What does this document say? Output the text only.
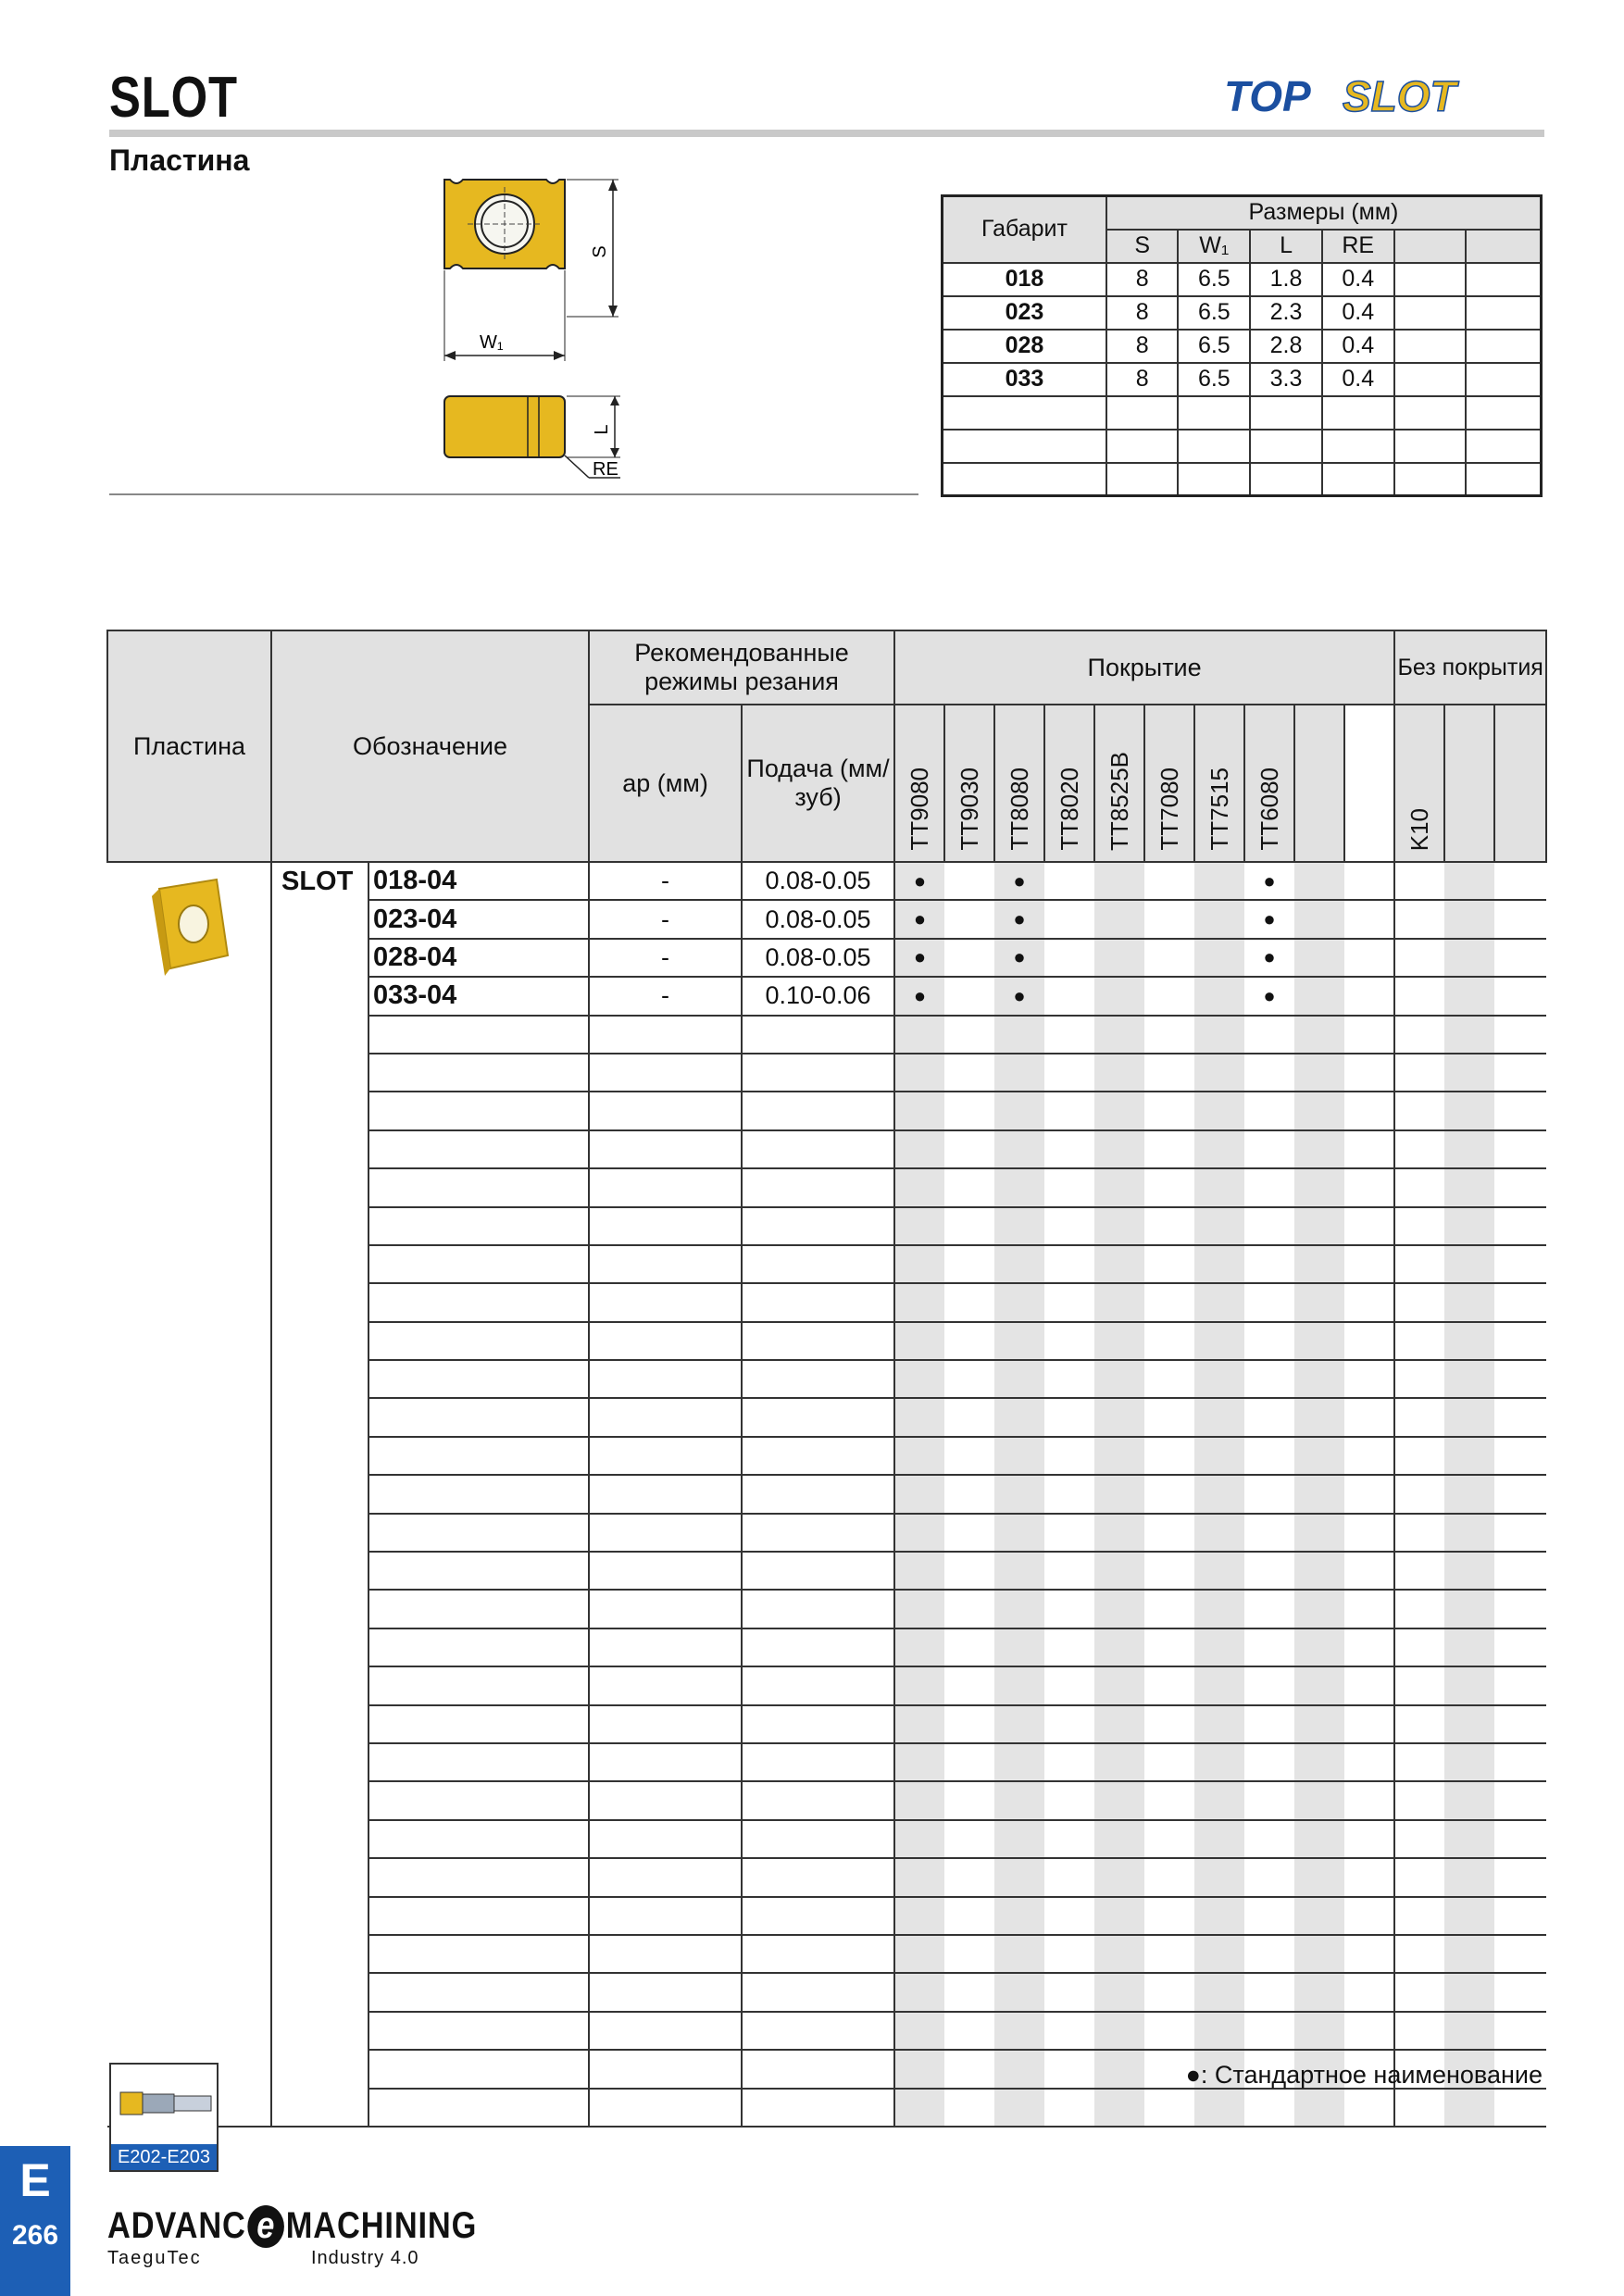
SLOT
Пластина
TOP SLOT
S
W₁
L
RE
Габарит	Размеры (мм)					
	S	W₁	L	RE		
018	8	6.5	1.8	0.4		
023	8	6.5	2.3	0.4		
028	8	6.5	2.8	0.4		
033	8	6.5	3.3	0.4		

Пластина	Обозначение		Рекомендованные режимы резания		Покрытие										Без покрытия		
			ap (мм)	Подача (мм/зуб)	TT9080	TT9030	TT8080	TT8020	TT8525B	TT7080	TT7515	TT6080			K10		
	SLOT	018-04	-	0.08-0.05	●		●					●					
		023-04	-	0.08-0.05	●		●					●					
		028-04	-	0.08-0.05	●		●					●					
		033-04	-	0.10-0.06	●		●					●					

●: Стандартное наименование
E202-E203
E
266	ADVANC e MACHINING
TaeguTec	Industry 4.0
